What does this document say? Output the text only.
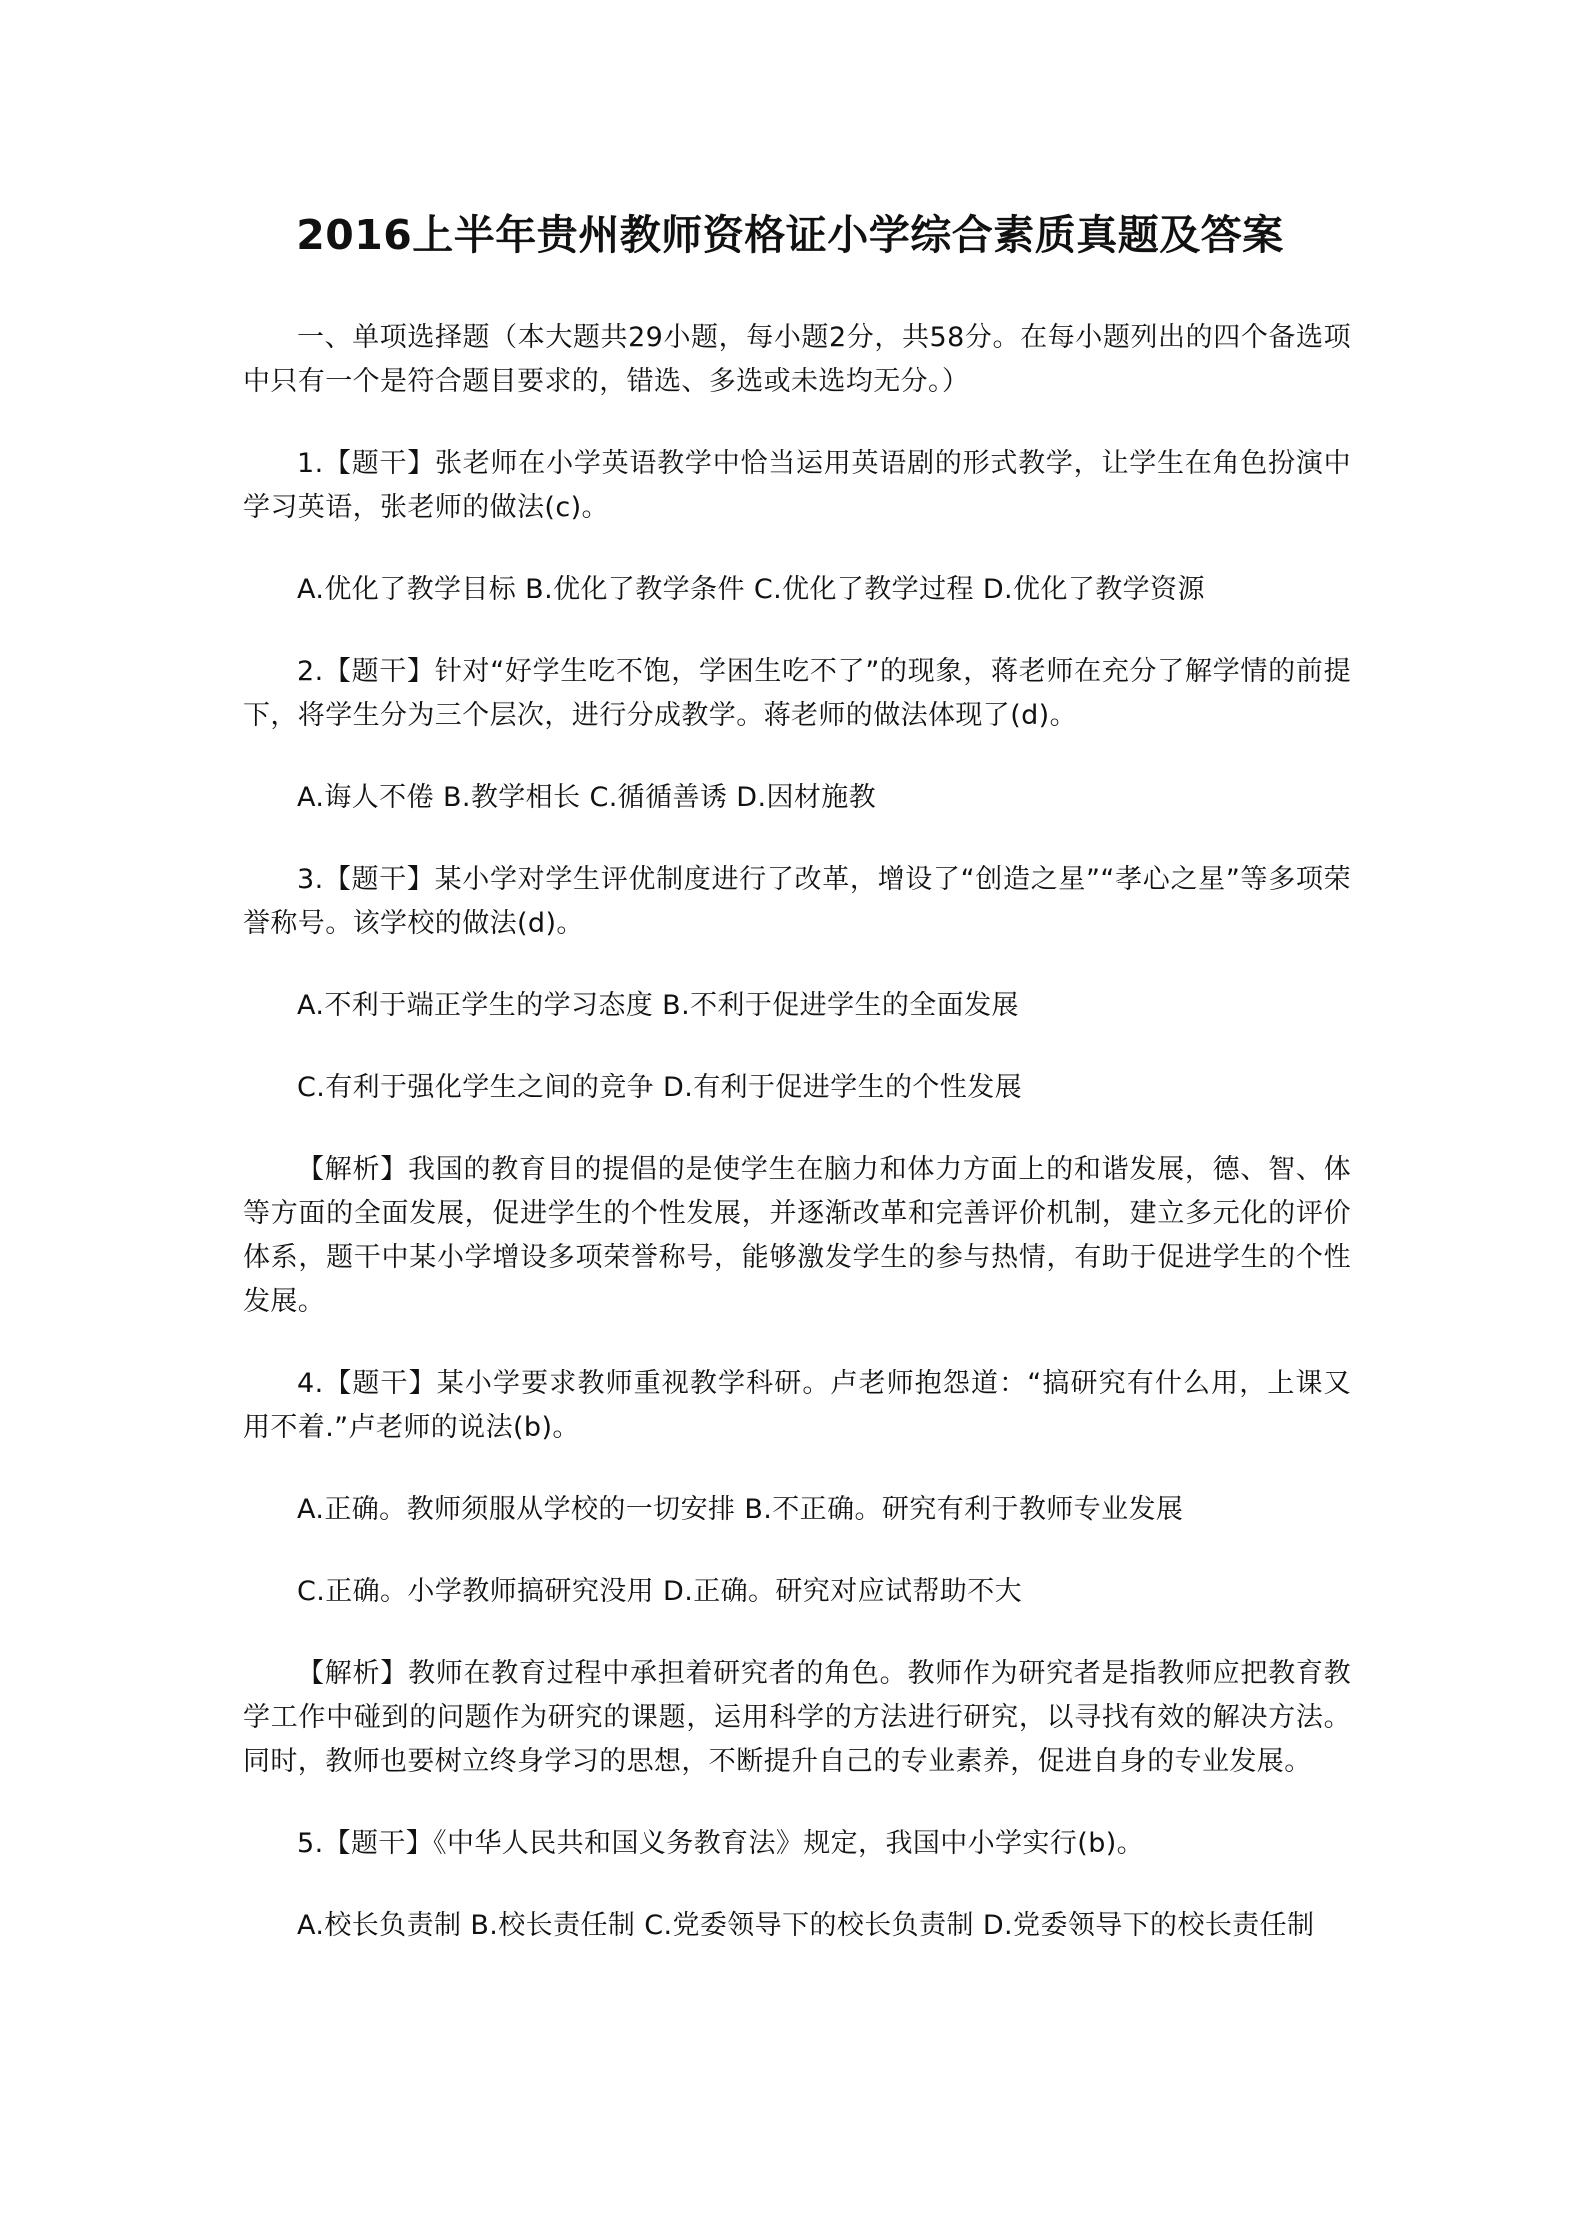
2016上半年贵州教师资格证小学综合素质真题及答案

一、单项选择题（本大题共29小题，每小题2分，共58分。在每小题列出的四个备选项中只有一个是符合题目要求的，错选、多选或未选均无分。）

1.【题干】张老师在小学英语教学中恰当运用英语剧的形式教学，让学生在角色扮演中学习英语，张老师的做法(c)。

A.优化了教学目标 B.优化了教学条件 C.优化了教学过程 D.优化了教学资源

2.【题干】针对“好学生吃不饱，学困生吃不了”的现象，蒋老师在充分了解学情的前提下，将学生分为三个层次，进行分成教学。蒋老师的做法体现了(d)。

A.诲人不倦 B.教学相长 C.循循善诱 D.因材施教

3.【题干】某小学对学生评优制度进行了改革，增设了“创造之星”“孝心之星”等多项荣誉称号。该学校的做法(d)。

A.不利于端正学生的学习态度 B.不利于促进学生的全面发展

C.有利于强化学生之间的竞争 D.有利于促进学生的个性发展

【解析】我国的教育目的提倡的是使学生在脑力和体力方面上的和谐发展，德、智、体等方面的全面发展，促进学生的个性发展，并逐渐改革和完善评价机制，建立多元化的评价体系，题干中某小学增设多项荣誉称号，能够激发学生的参与热情，有助于促进学生的个性发展。

4.【题干】某小学要求教师重视教学科研。卢老师抱怨道：“搞研究有什么用，上课又用不着.”卢老师的说法(b)。

A.正确。教师须服从学校的一切安排 B.不正确。研究有利于教师专业发展

C.正确。小学教师搞研究没用 D.正确。研究对应试帮助不大

【解析】教师在教育过程中承担着研究者的角色。教师作为研究者是指教师应把教育教学工作中碰到的问题作为研究的课题，运用科学的方法进行研究，以寻找有效的解决方法。同时，教师也要树立终身学习的思想，不断提升自己的专业素养，促进自身的专业发展。

5.【题干】《中华人民共和国义务教育法》规定，我国中小学实行(b)。

A.校长负责制 B.校长责任制 C.党委领导下的校长负责制 D.党委领导下的校长责任制
